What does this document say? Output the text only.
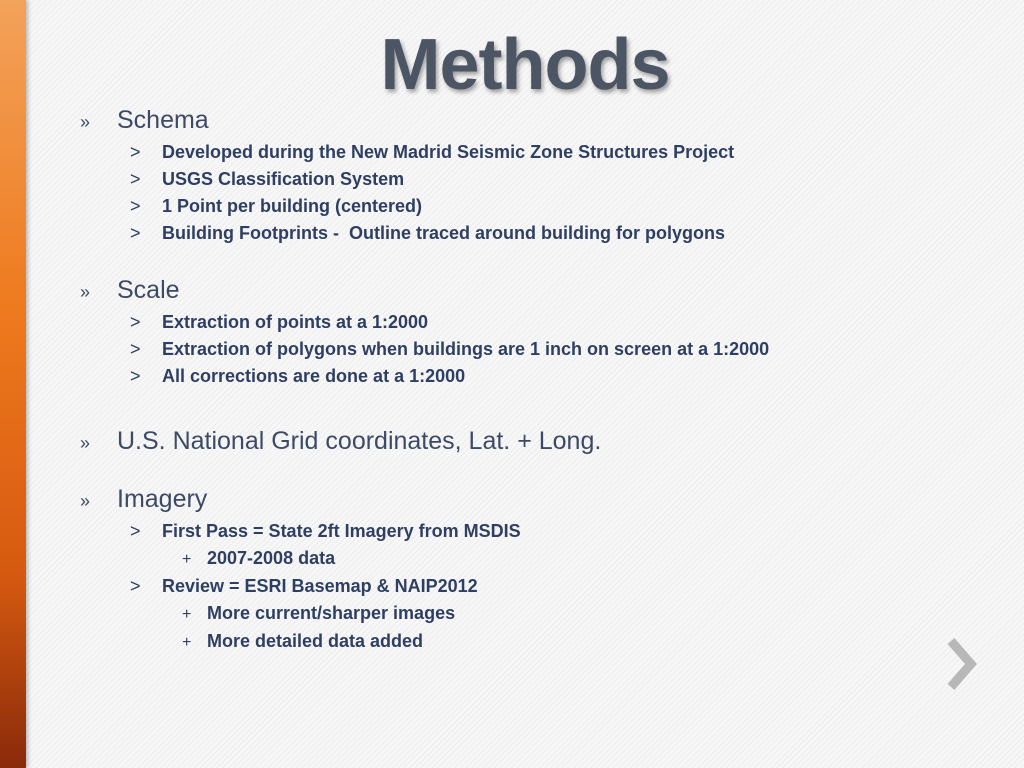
Methods
»	Schema
>	Developed during the New Madrid Seismic Zone Structures Project
>	USGS Classification System
>	1 Point per building (centered)
>	Building Footprints -  Outline traced around building for polygons
»	Scale
>	Extraction of points at a 1:2000
>	Extraction of polygons when buildings are 1 inch on screen at a 1:2000
>	All corrections are done at a 1:2000
»	U.S. National Grid coordinates, Lat. + Long.
»	Imagery
>	First Pass = State 2ft Imagery from MSDIS
+ 2007-2008 data
>	Review = ESRI Basemap & NAIP2012
+ More current/sharper images
+ More detailed data added
